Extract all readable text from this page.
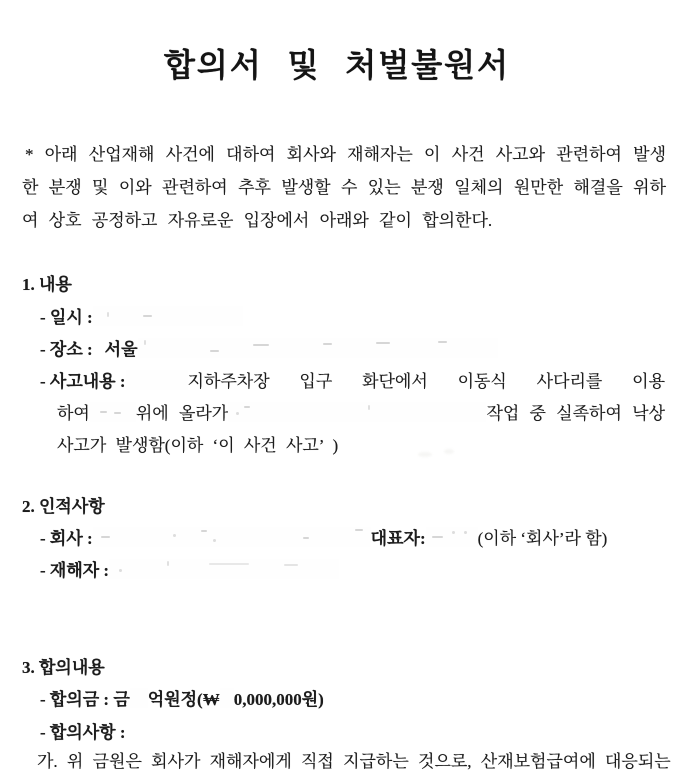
합의서 및 처벌불원서
* 아래 산업재해 사건에 대하여 회사와 재해자는 이 사건 사고와 관련하여 발생
한 분쟁 및 이와 관련하여 추후 발생할 수 있는 분쟁 일체의 원만한 해결을 위하
여 상호 공정하고 자유로운 입장에서 아래와 같이 합의한다.
1. 내용
- 일시 :
- 장소 : 서울
- 사고내용 :	지하주차장 입구 화단에서 이동식 사다리를 이용
하여	위에 올라가	작업 중 실족하여 낙상
사고가 발생함(이하 ‘이 사건 사고’ )
2. 인적사항
- 회사 :	대표자:	(이하 ‘회사’라 함)
- 재해자 :
3. 합의내용
- 합의금 : 금 억원정(₩ 0,000,000원)
- 합의사항 :
가. 위 금원은 회사가 재해자에게 직접 지급하는 것으로, 산재보험급여에 대응되는
